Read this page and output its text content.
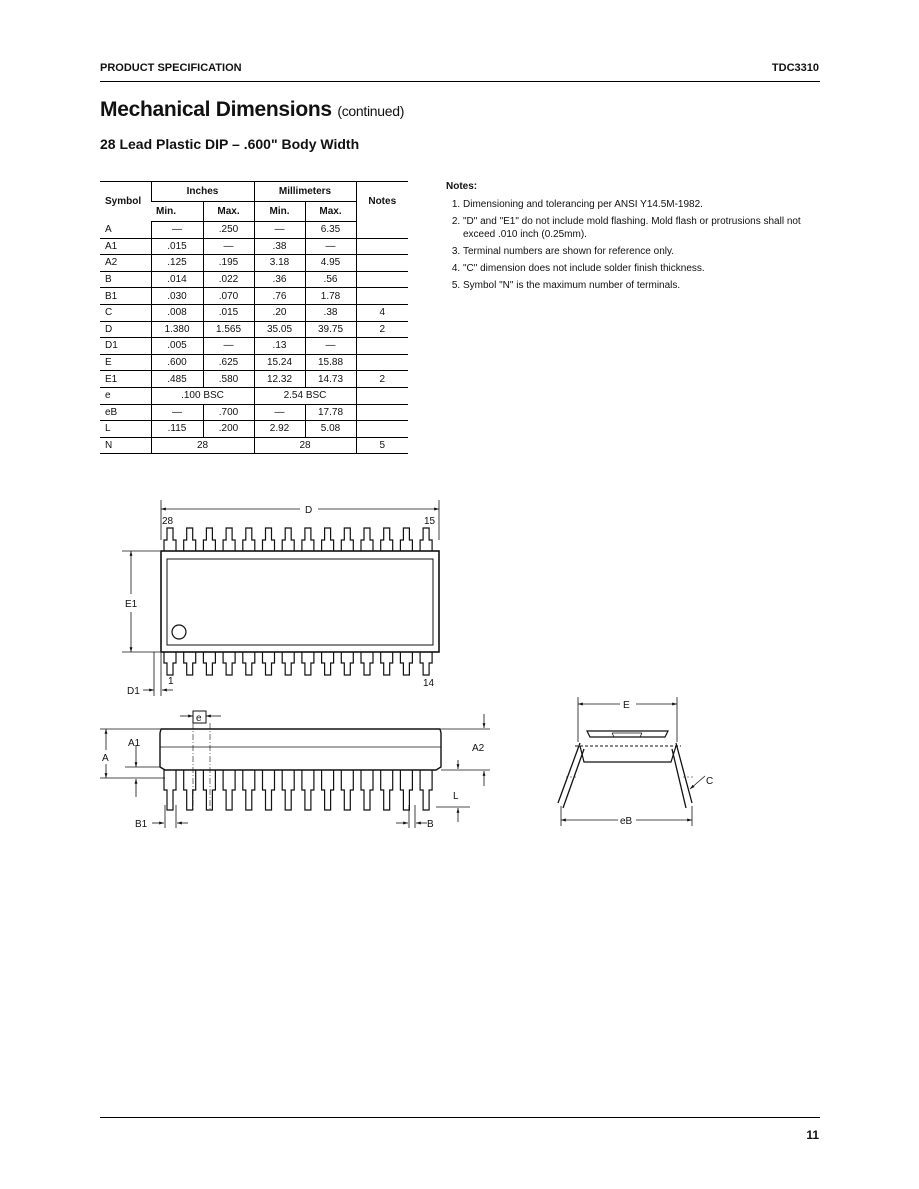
PRODUCT SPECIFICATION	TDC3310
Mechanical Dimensions (continued)
28 Lead Plastic DIP – .600" Body Width
Symbol	Inches		Millimeters		Notes
	Min.	Max.	Min.	Max.	
A	—	.250	—	6.35	
A1	.015	—	.38	—	
A2	.125	.195	3.18	4.95	
B	.014	.022	.36	.56	
B1	.030	.070	.76	1.78	
C	.008	.015	.20	.38	4
D	1.380	1.565	35.05	39.75	2
D1	.005	—	.13	—	
E	.600	.625	15.24	15.88	
E1	.485	.580	12.32	14.73	2
e	.100 BSC		2.54 BSC		
eB	—	.700	—	17.78	
L	.115	.200	2.92	5.08	
N	28		28		5
Notes:
1. Dimensioning and tolerancing per ANSI Y14.5M-1982.
2. "D" and "E1" do not include mold flashing. Mold flash or protrusions shall not exceed .010 inch (0.25mm).
3. Terminal numbers are shown for reference only.
4. "C" dimension does not include solder finish thickness.
5. Symbol "N" is the maximum number of terminals.
D
28	15
E1
1	14
D1
e
A1
A
A2
L
B1	B
E
C
eB
11
